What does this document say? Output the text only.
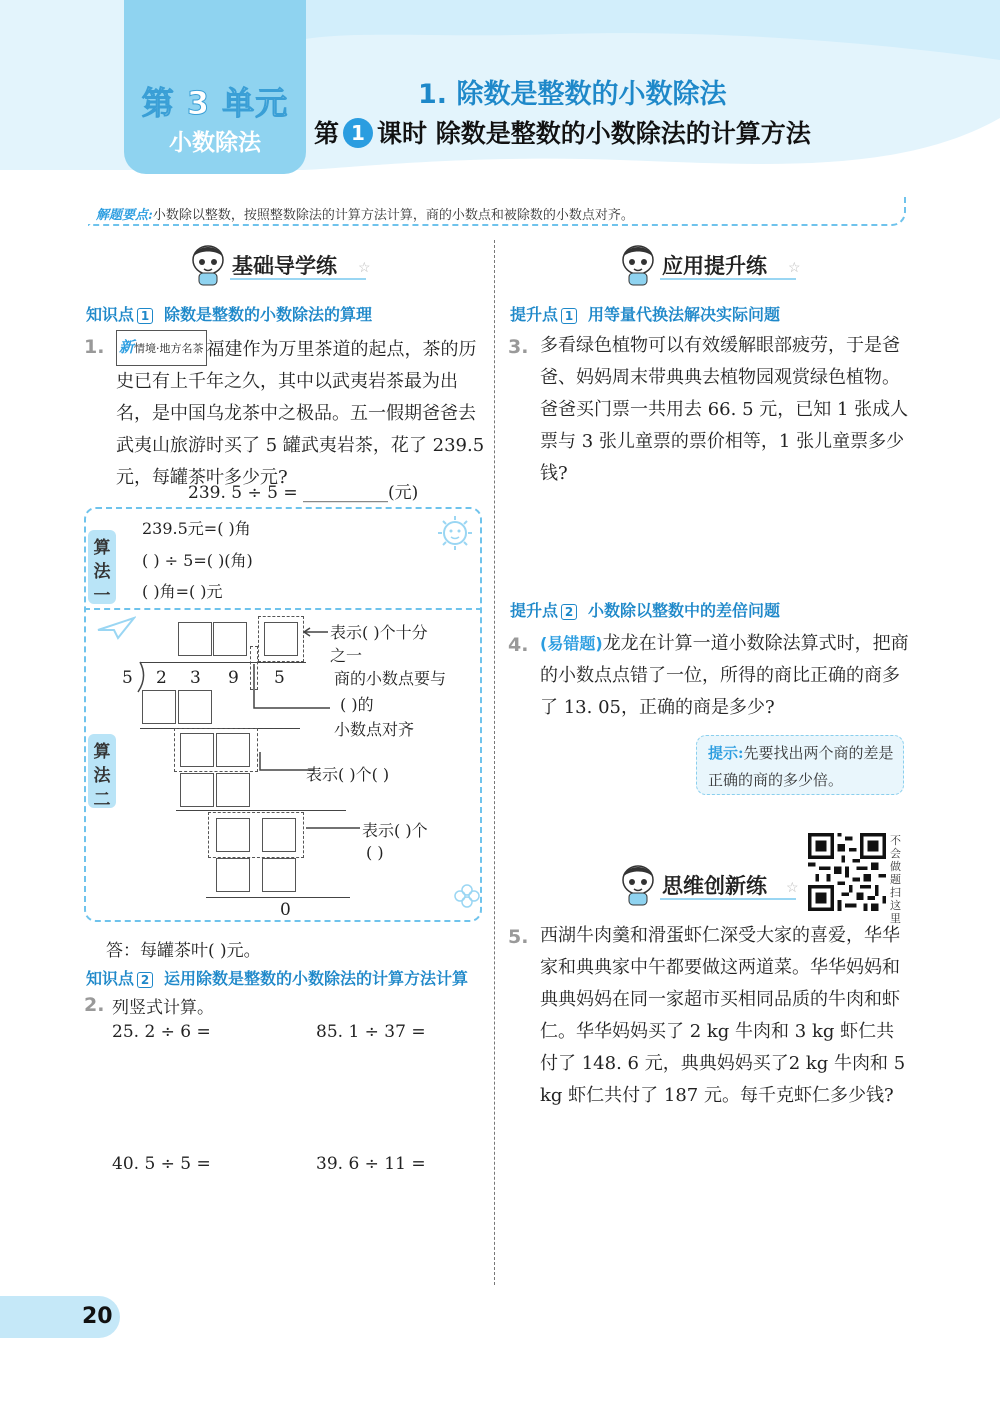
第 3 单元
小数除法
1. 除数是整数的小数除法
第 1 课时 除数是整数的小数除法的计算方法
解题要点:小数除以整数，按照整数除法的计算方法计算，商的小数点和被除数的小数点对齐。
基础导学练 ☆
知识点 1 除数是整数的小数除法的算理
1. 新情境·地方名茶 福建作为万里茶道的起点，茶的历史已有上千年之久，其中以武夷岩茶最为出名，是中国乌龙茶中之极品。五一假期爸爸去武夷山旅游时买了 5 罐武夷岩茶，花了 239.5 元，每罐茶叶多少元?
239. 5 ÷ 5 = __________(元)
算法一
239.5元=( )角
( ) ÷ 5=( )(角)
( )角=( )元
算法二
5 2 3 9 5
0
表示( )个十分
之一
商的小数点要与
( )的
小数点对齐
表示( )个( )
表示( )个
( )
答：每罐茶叶( )元。
知识点 2 运用除数是整数的小数除法的计算方法计算
2. 列竖式计算。
25. 2 ÷ 6 =	85. 1 ÷ 37 =
40. 5 ÷ 5 =	39. 6 ÷ 11 =
应用提升练 ☆
提升点 1 用等量代换法解决实际问题
3. 多看绿色植物可以有效缓解眼部疲劳，于是爸爸、妈妈周末带典典去植物园观赏绿色植物。爸爸买门票一共用去 66. 5 元，已知 1 张成人票与 3 张儿童票的票价相等，1 张儿童票多少钱?
提升点 2 小数除以整数中的差倍问题
4. (易错题)龙龙在计算一道小数除法算式时，把商的小数点点错了一位，所得的商比正确的商多了 13. 05，正确的商是多少?
提示:先要找出两个商的差是正确的商的多少倍。
思维创新练 ☆
不会做题扫这里
5. 西湖牛肉羹和滑蛋虾仁深受大家的喜爱，华华家和典典家中午都要做这两道菜。华华妈妈和典典妈妈在同一家超市买相同品质的牛肉和虾仁。华华妈妈买了 2 kg 牛肉和 3 kg 虾仁共付了 148. 6 元，典典妈妈买了2 kg 牛肉和 5 kg 虾仁共付了 187 元。每千克虾仁多少钱?
20
